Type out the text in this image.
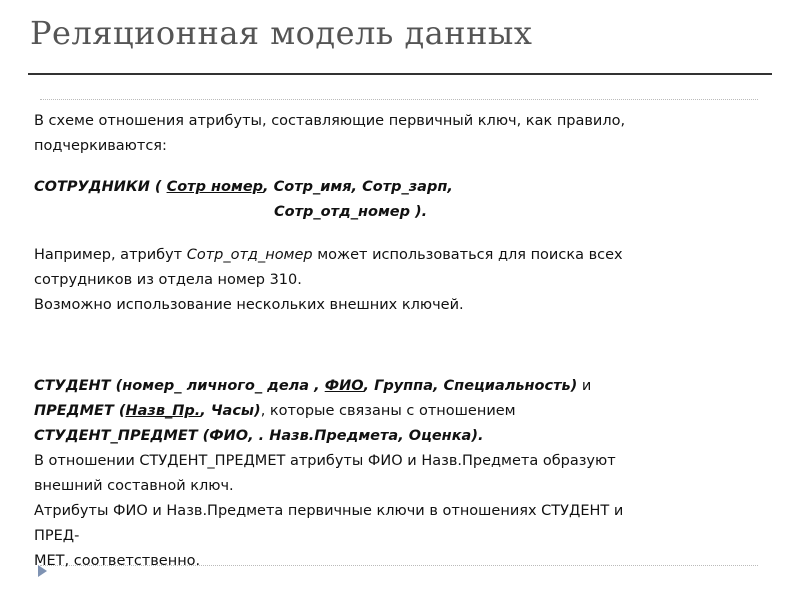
Реляционная модель данных

В схеме отношения атрибуты, составляющие первичный ключ, как правило,
подчеркиваются:

СОТРУДНИКИ ( Сотр номер, Сотр_имя, Сотр_зарп,
Сотр_отд_номер ).

Например, атрибут Сотр_отд_номер может использоваться для поиска всех
сотрудников из отдела номер 310.
Возможно использование нескольких внешних ключей.

СТУДЕНТ (номер_ личного_ дела , ФИО, Группа, Специальность) и
ПРЕДМЕТ (Назв_Пр., Часы), которые связаны с отношением
СТУДЕНТ_ПРЕДМЕТ (ФИО, . Назв.Предмета, Оценка).
В отношении СТУДЕНТ_ПРЕДМЕТ атрибуты ФИО и Назв.Предмета образуют
внешний составной ключ.
Атрибуты ФИО и Назв.Предмета первичные ключи в отношениях СТУДЕНТ и
ПРЕД-
МЕТ, соответственно.
